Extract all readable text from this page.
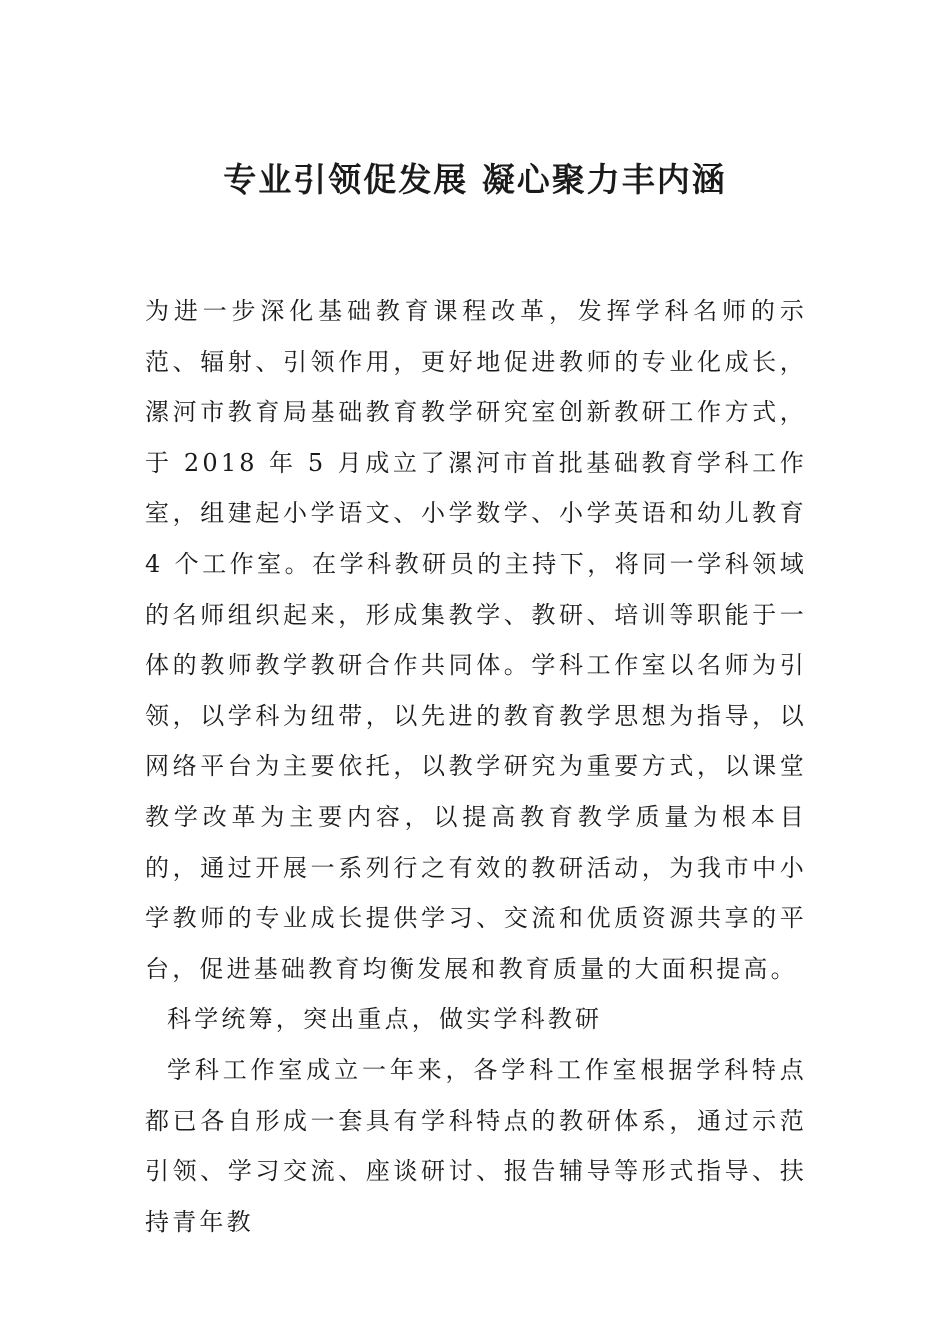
专业引领促发展 凝心聚力丰内涵

为进一步深化基础教育课程改革，发挥学科名师的示范、辐射、引领作用，更好地促进教师的专业化成长，漯河市教育局基础教育教学研究室创新教研工作方式，于 2018 年 5 月成立了漯河市首批基础教育学科工作室，组建起小学语文、小学数学、小学英语和幼儿教育 4 个工作室。在学科教研员的主持下，将同一学科领域的名师组织起来，形成集教学、教研、培训等职能于一体的教师教学教研合作共同体。学科工作室以名师为引领，以学科为纽带，以先进的教育教学思想为指导，以网络平台为主要依托，以教学研究为重要方式，以课堂教学改革为主要内容，以提高教育教学质量为根本目的，通过开展一系列行之有效的教研活动，为我市中小学教师的专业成长提供学习、交流和优质资源共享的平台，促进基础教育均衡发展和教育质量的大面积提高。

科学统筹，突出重点，做实学科教研

学科工作室成立一年来，各学科工作室根据学科特点都已各自形成一套具有学科特点的教研体系，通过示范引领、学习交流、座谈研讨、报告辅导等形式指导、扶持青年教
